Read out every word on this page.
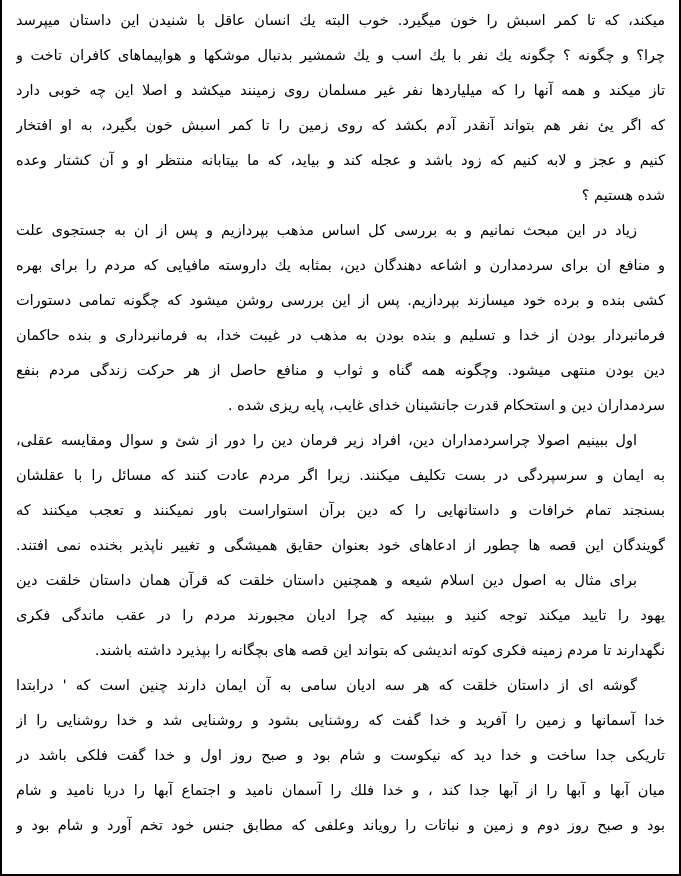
میکند، که تا کمر اسبش را خون میگیرد. خوب البته یك انسان عاقل با شنیدن این داستان میپرسد
چرا؟ و چگونه ؟ چگونه یك نفر با یك اسب و یك شمشیر بدنبال موشکها و هواپیماهای کافران تاخت و
تاز میکند و همه آنها را که میلیاردها نفر غیر مسلمان روی زمینند میکشد و اصلا این چه خوبی دارد
که اگر یئ نفر هم بتواند آنقدر آدم بکشد که روی زمین را تا کمر اسبش خون بگیرد، به او افتخار
کنیم و عجز و لابه کنیم که زود باشد و عجله کند و بیاید، که ما بیتابانه منتظر او و آن کشتار وعده
شده هستیم ؟
زیاد در این مبحث نمانیم و به بررسی کل اساس مذهب بپردازیم و پس از ان به جستجوی علت
و منافع ان برای سردمدارن و اشاعه دهندگان دین، بمثابه یك داروسته مافیایی که مردم را برای بهره
کشی بنده و برده خود میسازند بپردازیم. پس از این بررسی روشن میشود که چگونه تمامی دستورات
فرمانبردار بودن از خدا و تسلیم و بنده بودن به مذهب در غیبت خدا، به فرمانبرداری و بنده حاکمان
دین بودن منتهی میشود. وچگونه همه گناه و ثواب و منافع حاصل از هر حرکت زندگی مردم بنفع
سردمداران دین و استحکام قدرت جانشینان خدای غایب، پایه ریزی شده .
اول ببینیم اصولا چراسردمداران دین، افراد زیر فرمان دین را دور از شئ و سوال ومقایسه عقلی،
به ایمان و سرسپردگی در بست تکلیف میکنند. زیرا اگر مردم عادت کنند که مسائل را با عقلشان
بسنجند تمام خرافات و داستانهایی را که دین برآن استواراست باور نمیکنند و تعجب میکنند که
گویندگان این قصه ها چطور از ادعاهای خود بعنوان حقایق همیشگی و تغییر ناپذیر بخنده نمی افتند.
برای مثال به اصول دین اسلام شیعه و همچنین داستان خلقت که قرآن همان داستان خلقت دین
یهود را تایید میکند توجه کنید و ببینید که چرا ادیان مجبورند مردم را در عقب ماندگی فکری
نگهدارند تا مردم زمینه فکری کوته اندیشی که بتواند این قصه های بچگانه را بپذیرد داشته باشند.
گوشه ای از داستان خلقت که هر سه ادیان سامی به آن ایمان دارند چنین است که ' درابتدا
خدا آسمانها و زمین را آفرید و خدا گفت که روشنایی بشود و روشنایی شد و خدا روشنایی را از
تاریکی جدا ساخت و خدا دید که نیکوست و شام بود و صبح روز اول و خدا گفت فلکی باشد در
میان آبها و آبها را از آبها جدا کند ، و خدا فلك را آسمان نامید و اجتماع آبها را دریا نامید و شام
بود و صبح روز دوم و زمین و نباتات را رویاند وعلفی که مطابق جنس خود تخم آورد و شام بود و
